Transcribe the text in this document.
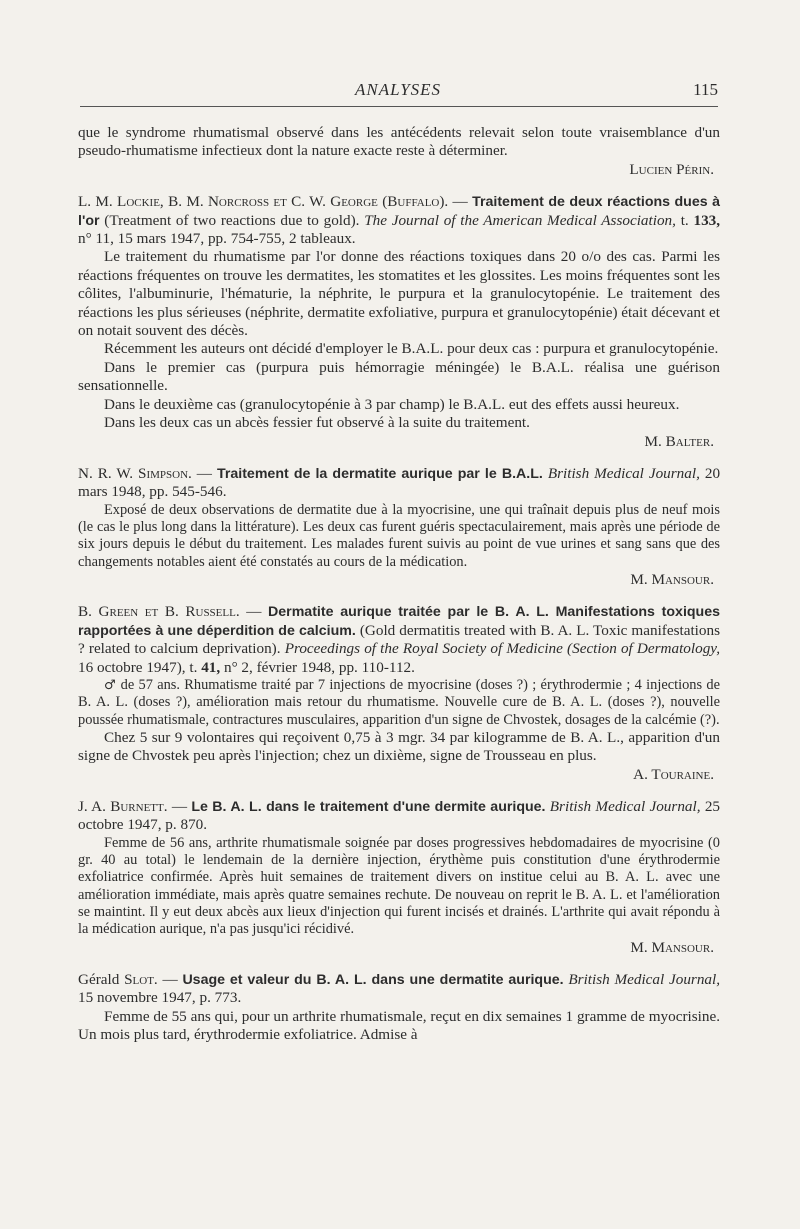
ANALYSES	115

que le syndrome rhumatismal observé dans les antécédents relevait selon toute vraisemblance d'un pseudo-rhumatisme infectieux dont la nature exacte reste à déterminer.

Lucien Périn.

L. M. Lockie, B. M. Norcross et C. W. George (Buffalo). — Traitement de deux réactions dues à l'or (Treatment of two reactions due to gold). The Journal of the American Medical Association, t. 133, n° 11, 15 mars 1947, pp. 754-755, 2 tableaux.

Le traitement du rhumatisme par l'or donne des réactions toxiques dans 20 o/o des cas. Parmi les réactions fréquentes on trouve les dermatites, les stomatites et les glossites. Les moins fréquentes sont les côlites, l'albuminurie, l'hématurie, la néphrite, le purpura et la granulocytopénie. Le traitement des réactions les plus sérieuses (néphrite, dermatite exfoliative, purpura et granulocytopénie) était décevant et on notait souvent des décès.

Récemment les auteurs ont décidé d'employer le B.A.L. pour deux cas : purpura et granulocytopénie.

Dans le premier cas (purpura puis hémorragie méningée) le B.A.L. réalisa une guérison sensationnelle.

Dans le deuxième cas (granulocytopénie à 3 par champ) le B.A.L. eut des effets aussi heureux.

Dans les deux cas un abcès fessier fut observé à la suite du traitement.

M. Balter.

N. R. W. Simpson. — Traitement de la dermatite aurique par le B.A.L. British Medical Journal, 20 mars 1948, pp. 545-546.

Exposé de deux observations de dermatite due à la myocrisine, une qui traînait depuis plus de neuf mois (le cas le plus long dans la littérature). Les deux cas furent guéris spectaculairement, mais après une période de six jours depuis le début du traitement. Les malades furent suivis au point de vue urines et sang sans que des changements notables aient été constatés au cours de la médication.

M. Mansour.

B. Green et B. Russell. — Dermatite aurique traitée par le B. A. L. Manifestations toxiques rapportées à une déperdition de calcium. (Gold dermatitis treated with B. A. L. Toxic manifestations ? related to calcium deprivation). Proceedings of the Royal Society of Medicine (Section of Dermatology, 16 octobre 1947), t. 41, n° 2, février 1948, pp. 110-112.

♂ de 57 ans. Rhumatisme traité par 7 injections de myocrisine (doses ?) ; érythrodermie ; 4 injections de B. A. L. (doses ?), amélioration mais retour du rhumatisme. Nouvelle cure de B. A. L. (doses ?), nouvelle poussée rhumatismale, contractures musculaires, apparition d'un signe de Chvostek, dosages de la calcémie (?).

Chez 5 sur 9 volontaires qui reçoivent 0,75 à 3 mgr. 34 par kilogramme de B. A. L., apparition d'un signe de Chvostek peu après l'injection; chez un dixième, signe de Trousseau en plus.

A. Touraine.

J. A. Burnett. — Le B. A. L. dans le traitement d'une dermite aurique. British Medical Journal, 25 octobre 1947, p. 870.

Femme de 56 ans, arthrite rhumatismale soignée par doses progressives hebdomadaires de myocrisine (0 gr. 40 au total) le lendemain de la dernière injection, érythème puis constitution d'une érythrodermie exfoliatrice confirmée. Après huit semaines de traitement divers on institue celui au B. A. L. avec une amélioration immédiate, mais après quatre semaines rechute. De nouveau on reprit le B. A. L. et l'amélioration se maintint. Il y eut deux abcès aux lieux d'injection qui furent incisés et drainés. L'arthrite qui avait répondu à la médication aurique, n'a pas jusqu'ici récidivé.

M. Mansour.

Gérald Slot. — Usage et valeur du B. A. L. dans une dermatite aurique. British Medical Journal, 15 novembre 1947, p. 773.

Femme de 55 ans qui, pour un arthrite rhumatismale, reçut en dix semaines 1 gramme de myocrisine. Un mois plus tard, érythrodermie exfoliatrice. Admise à
